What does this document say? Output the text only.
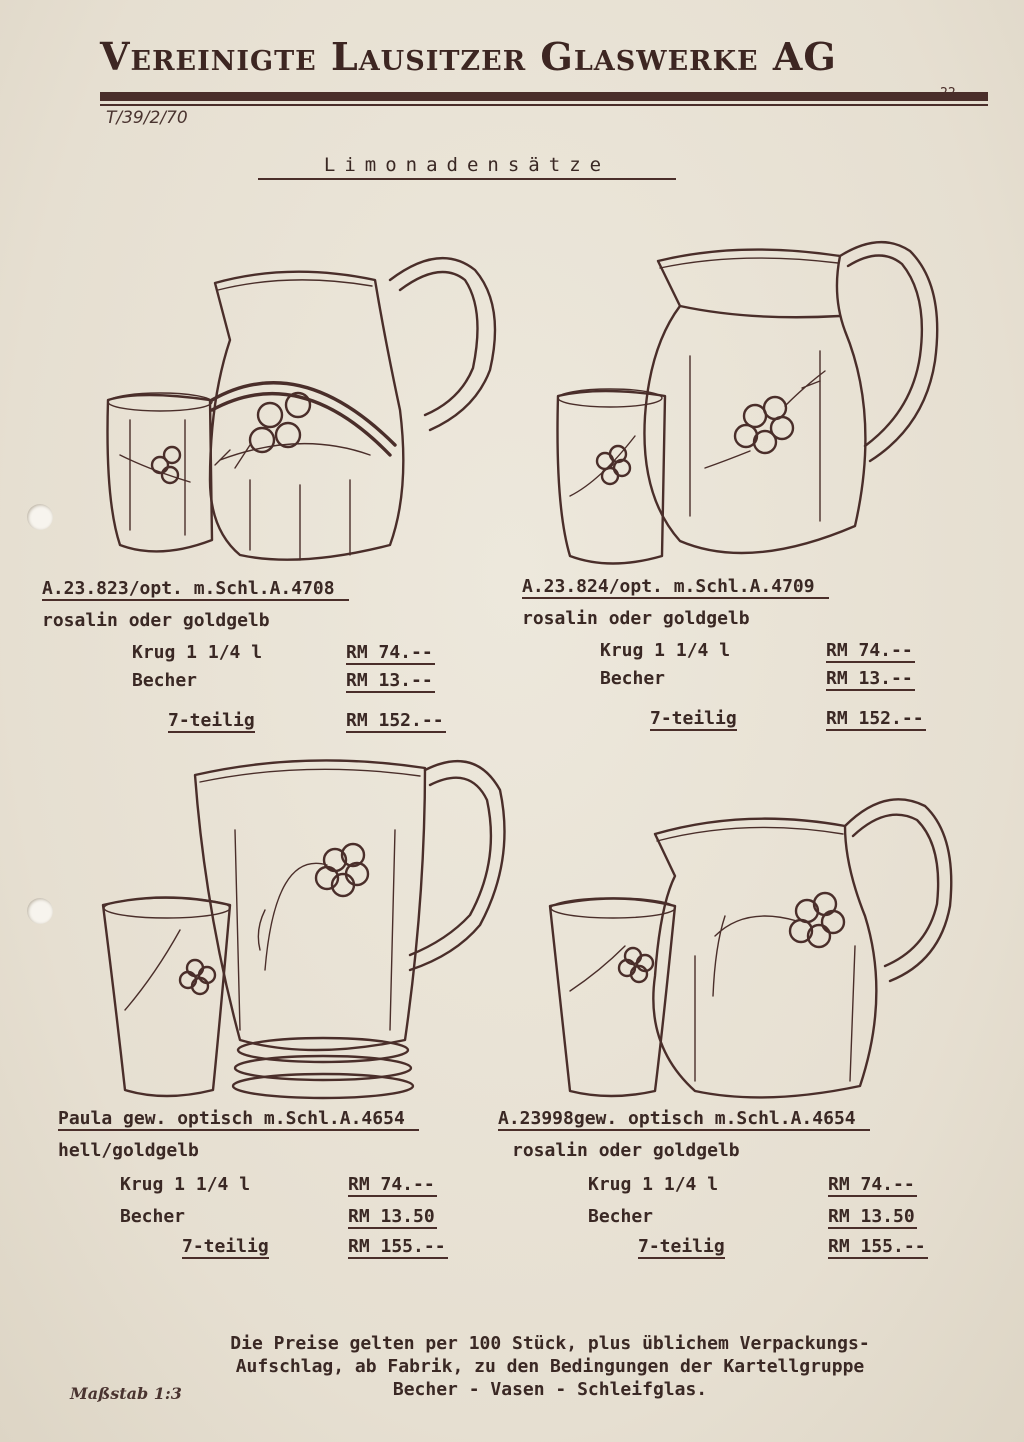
Vereinigte Lausitzer Glaswerke AG
22
T/39/2/70
Limonadensätze
A.23.823/opt. m.Schl.A.4708
rosalin oder goldgelb
Krug 1 1/4 l	RM 74.--
Becher	RM 13.--
7-teilig	RM 152.--
A.23.824/opt. m.Schl.A.4709
rosalin oder goldgelb
Krug 1 1/4 l	RM 74.--
Becher	RM 13.--
7-teilig	RM 152.--
Paula gew. optisch m.Schl.A.4654
hell/goldgelb
Krug 1 1/4 l	RM 74.--
Becher	RM 13.50
7-teilig	RM 155.--
A.23998gew. optisch m.Schl.A.4654
rosalin oder goldgelb
Krug 1 1/4 l	RM 74.--
Becher	RM 13.50
7-teilig	RM 155.--
Die Preise gelten per 100 Stück, plus üblichem Verpackungs-
Aufschlag, ab Fabrik, zu den Bedingungen der Kartellgruppe
Becher - Vasen - Schleifglas.
Maßstab 1:3
